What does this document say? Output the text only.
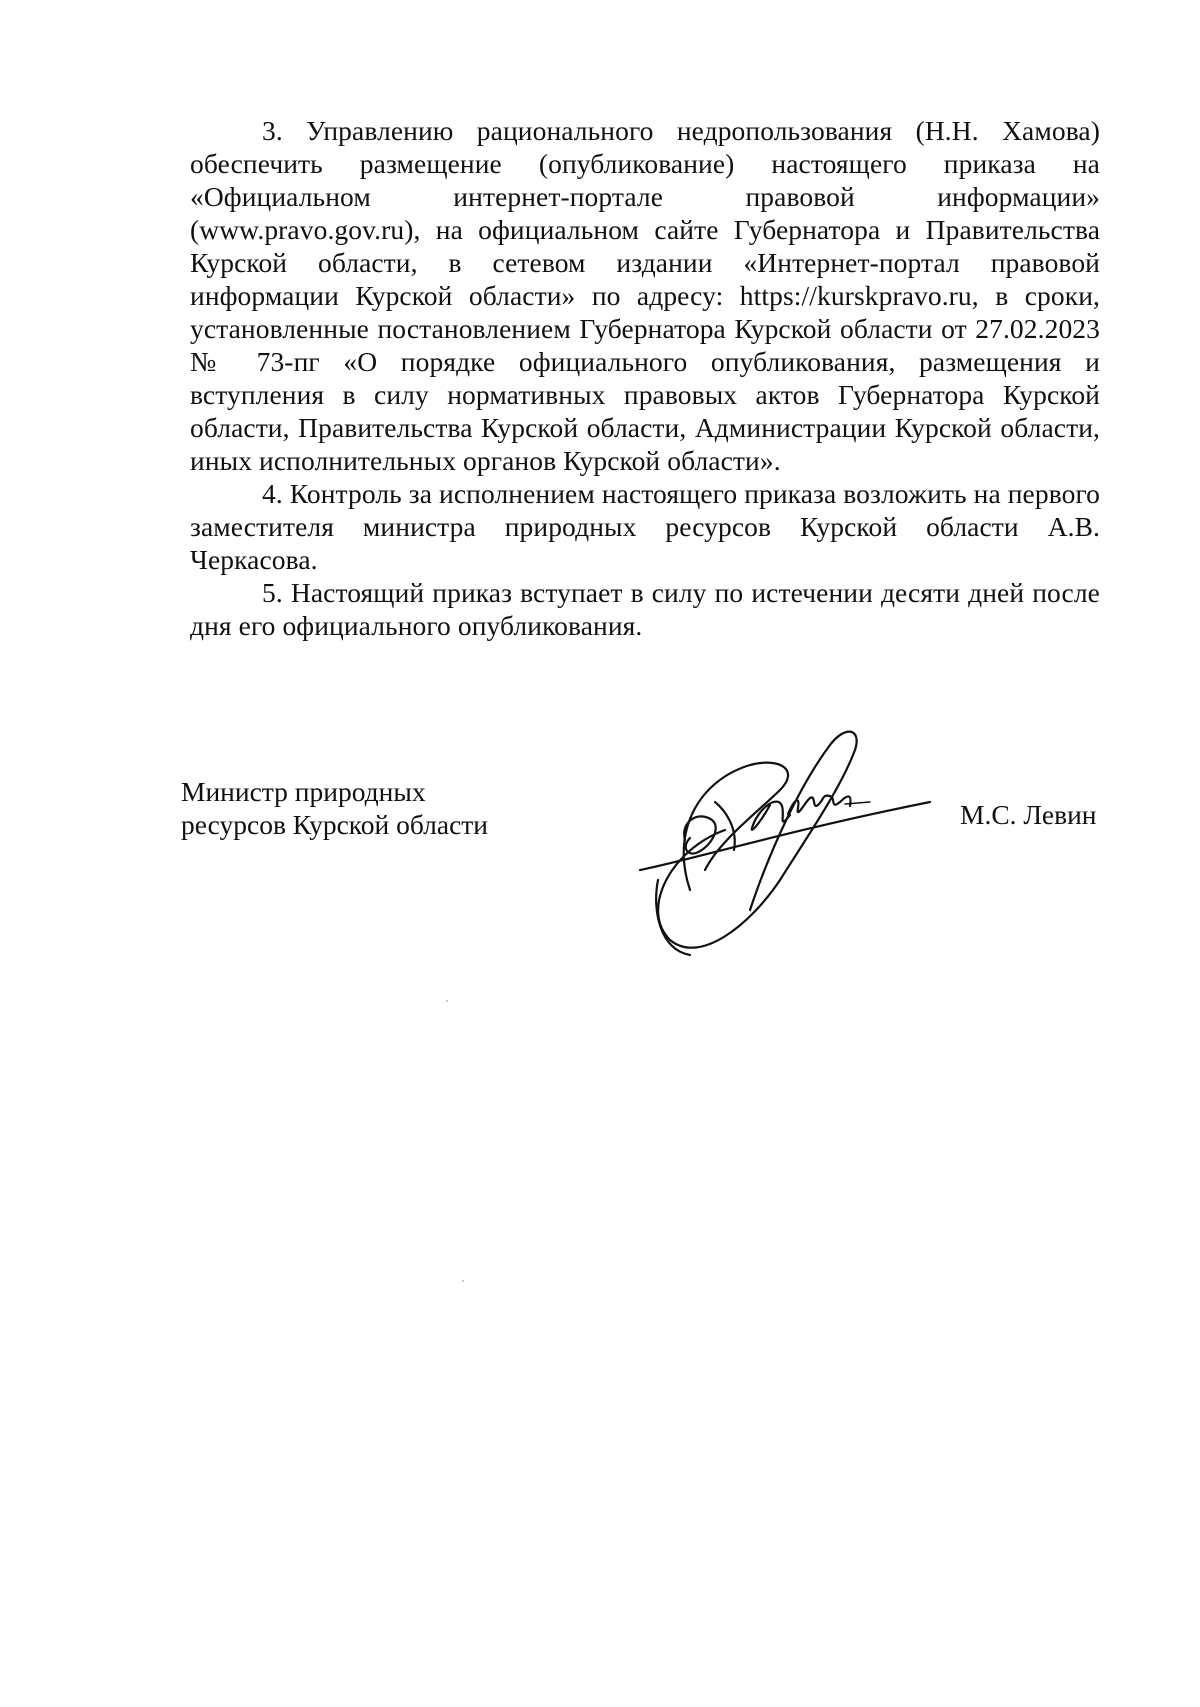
3. Управлению рационального недропользования (Н.Н. Хамова) обеспечить размещение (опубликование) настоящего приказа на «Официальном интернет-портале правовой информации» (www.pravo.gov.ru), на официальном сайте Губернатора и Правительства Курской области, в сетевом издании «Интернет-портал правовой информации Курской области» по адресу: https://kurskpravo.ru, в сроки, установленные постановлением Губернатора Курской области от 27.02.2023 № 73-пг «О порядке официального опубликования, размещения и вступления в силу нормативных правовых актов Губернатора Курской области, Правительства Курской области, Администрации Курской области, иных исполнительных органов Курской области».

4. Контроль за исполнением настоящего приказа возложить на первого заместителя министра природных ресурсов Курской области А.В. Черкасова.

5. Настоящий приказ вступает в силу по истечении десяти дней после дня его официального опубликования.

Министр природных
ресурсов Курской области	М.С. Левин
